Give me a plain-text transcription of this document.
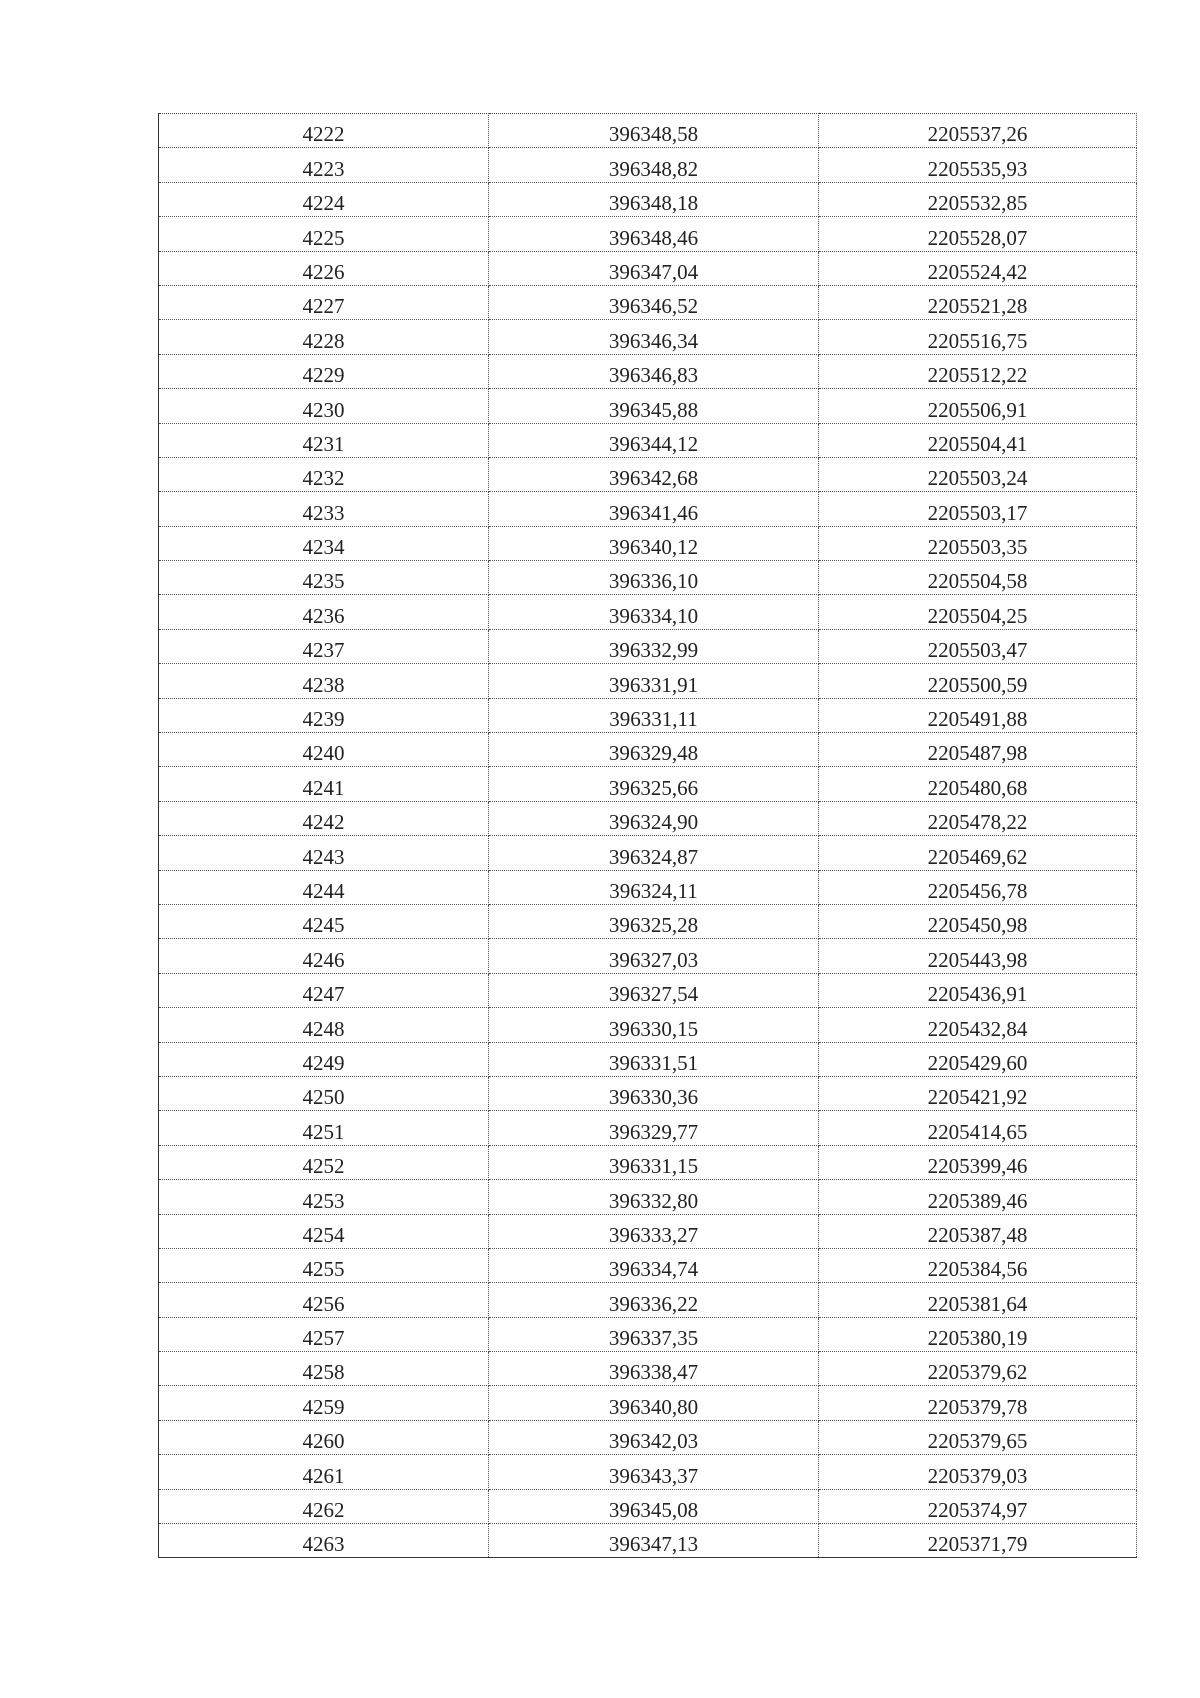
4222	396348,58	2205537,26
4223	396348,82	2205535,93
4224	396348,18	2205532,85
4225	396348,46	2205528,07
4226	396347,04	2205524,42
4227	396346,52	2205521,28
4228	396346,34	2205516,75
4229	396346,83	2205512,22
4230	396345,88	2205506,91
4231	396344,12	2205504,41
4232	396342,68	2205503,24
4233	396341,46	2205503,17
4234	396340,12	2205503,35
4235	396336,10	2205504,58
4236	396334,10	2205504,25
4237	396332,99	2205503,47
4238	396331,91	2205500,59
4239	396331,11	2205491,88
4240	396329,48	2205487,98
4241	396325,66	2205480,68
4242	396324,90	2205478,22
4243	396324,87	2205469,62
4244	396324,11	2205456,78
4245	396325,28	2205450,98
4246	396327,03	2205443,98
4247	396327,54	2205436,91
4248	396330,15	2205432,84
4249	396331,51	2205429,60
4250	396330,36	2205421,92
4251	396329,77	2205414,65
4252	396331,15	2205399,46
4253	396332,80	2205389,46
4254	396333,27	2205387,48
4255	396334,74	2205384,56
4256	396336,22	2205381,64
4257	396337,35	2205380,19
4258	396338,47	2205379,62
4259	396340,80	2205379,78
4260	396342,03	2205379,65
4261	396343,37	2205379,03
4262	396345,08	2205374,97
4263	396347,13	2205371,79
